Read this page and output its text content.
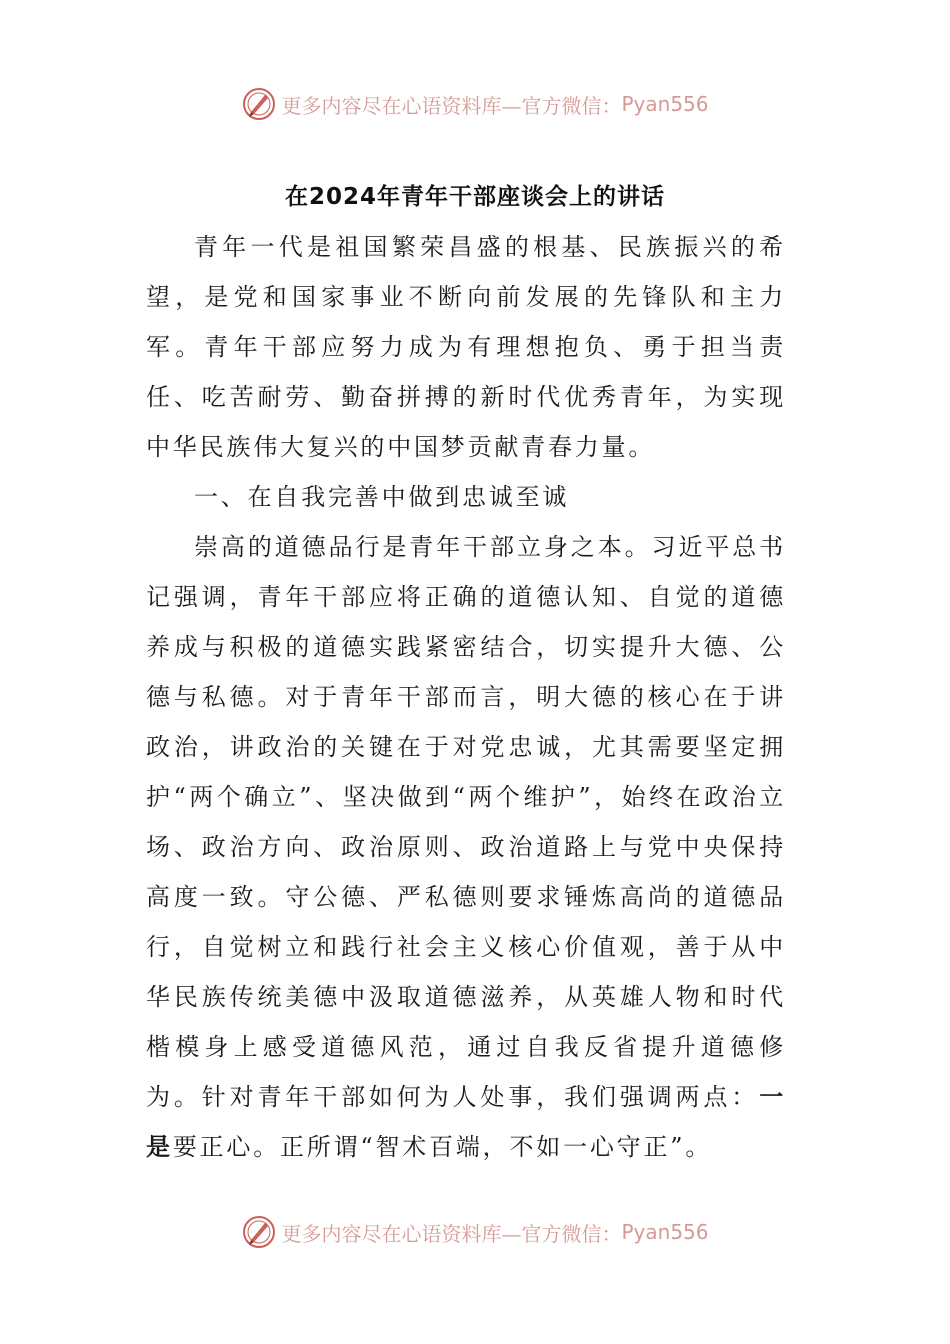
更多内容尽在心语资料库—官方微信： Pyan556
在2024年青年干部座谈会上的讲话

青年一代是祖国繁荣昌盛的根基、民族振兴的希望，是党和国家事业不断向前发展的先锋队和主力军。青年干部应努力成为有理想抱负、勇于担当责任、吃苦耐劳、勤奋拼搏的新时代优秀青年，为实现中华民族伟大复兴的中国梦贡献青春力量。

一、在自我完善中做到忠诚至诚

崇高的道德品行是青年干部立身之本。习近平总书记强调，青年干部应将正确的道德认知、自觉的道德养成与积极的道德实践紧密结合，切实提升大德、公德与私德。对于青年干部而言，明大德的核心在于讲政治，讲政治的关键在于对党忠诚，尤其需要坚定拥护“两个确立”、坚决做到“两个维护”，始终在政治立场、政治方向、政治原则、政治道路上与党中央保持高度一致。守公德、严私德则要求锤炼高尚的道德品行，自觉树立和践行社会主义核心价值观，善于从中华民族传统美德中汲取道德滋养，从英雄人物和时代楷模身上感受道德风范，通过自我反省提升道德修为。针对青年干部如何为人处事，我们强调两点：一是要正心。正所谓“智术百端，不如一心守正”。

更多内容尽在心语资料库—官方微信： Pyan556
